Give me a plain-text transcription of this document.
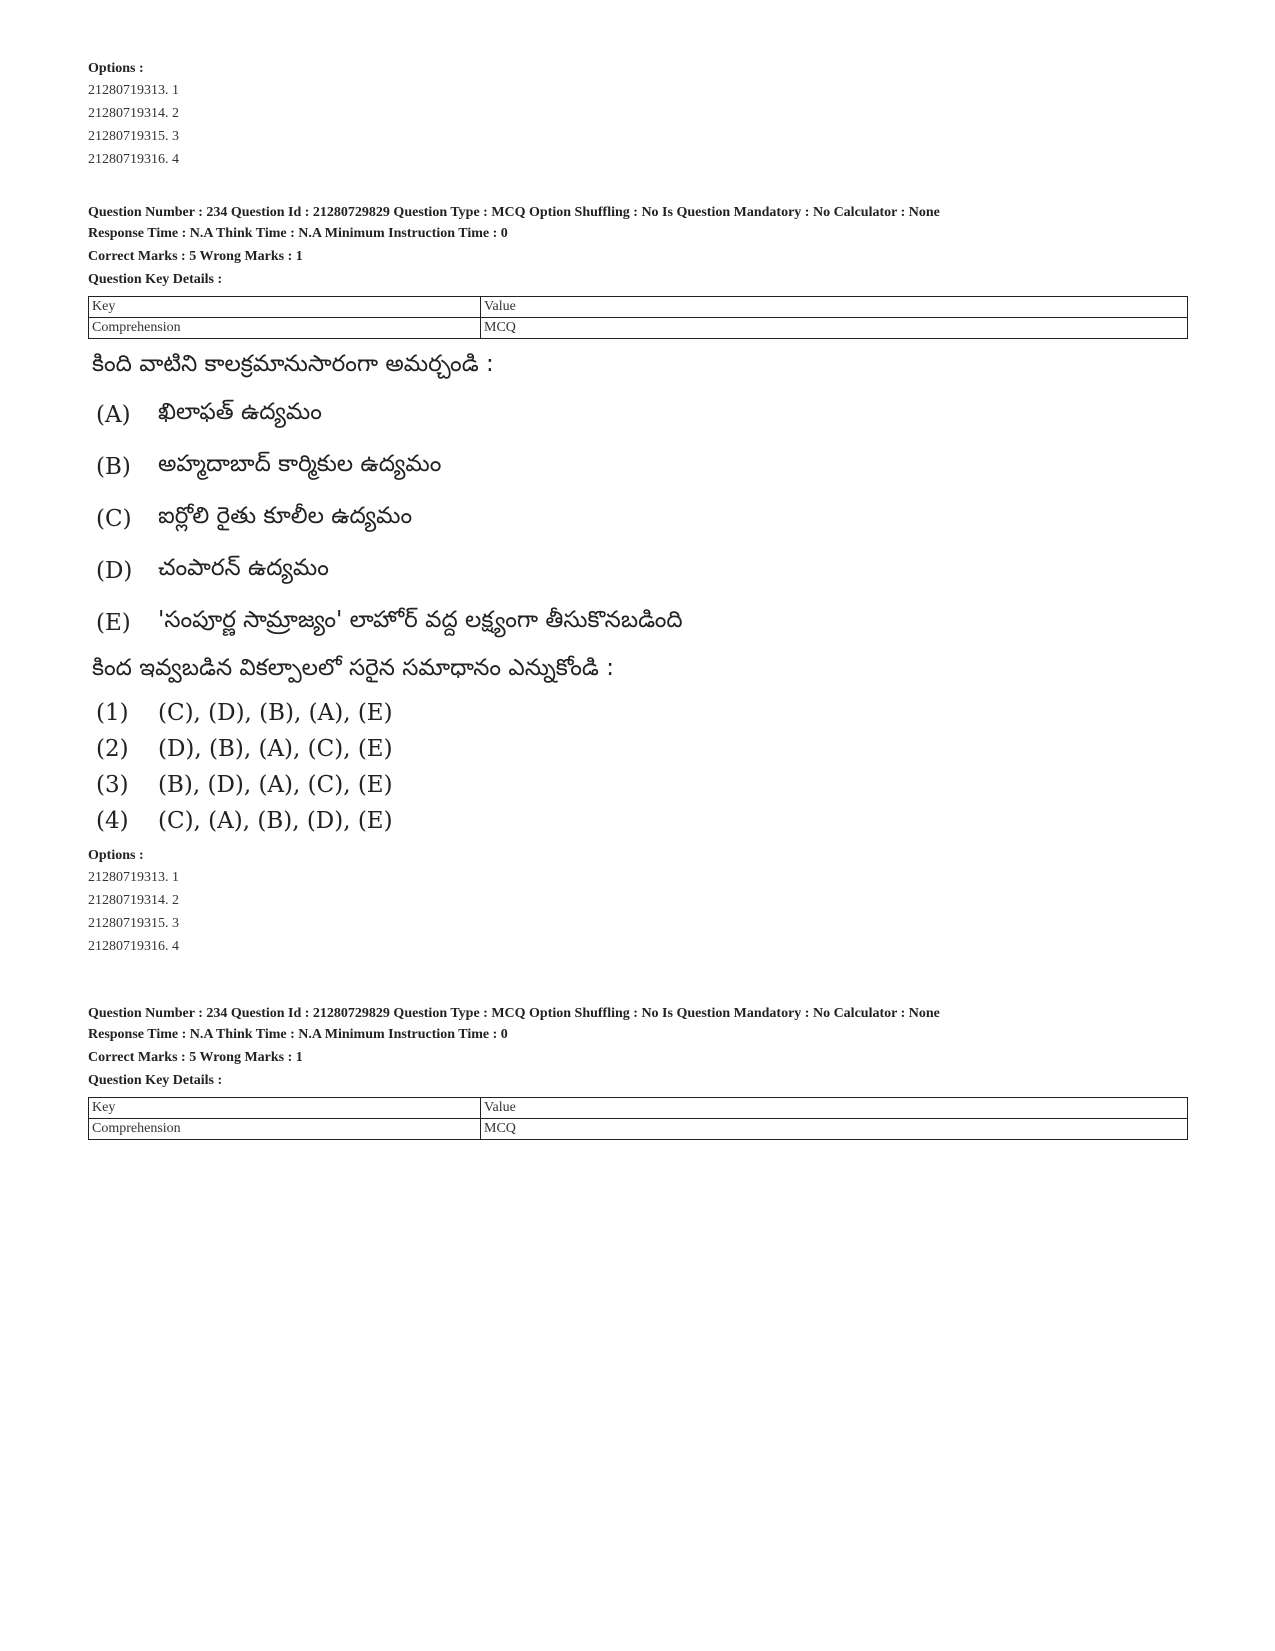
Options :
21280719313. 1
21280719314. 2
21280719315. 3
21280719316. 4
Question Number : 234 Question Id : 21280729829 Question Type : MCQ Option Shuffling : No Is Question Mandatory : No Calculator : None
Response Time : N.A Think Time : N.A Minimum Instruction Time : 0
Correct Marks : 5 Wrong Marks : 1
Question Key Details :
Key	Value
Comprehension	MCQ
కింది వాటిని కాలక్రమానుసారంగా అమర్చండి :
(A)	ఖిలాఫత్ ఉద్యమం
(B)	అహ్మదాబాద్ కార్మికుల ఉద్యమం
(C)	ఐర్లోలి రైతు కూలీల ఉద్యమం
(D)	చంపారన్ ఉద్యమం
(E)	'సంపూర్ణ సామ్రాజ్యం' లాహోర్ వద్ద లక్ష్యంగా తీసుకొనబడింది
కింద ఇవ్వబడిన వికల్పాలలో సరైన సమాధానం ఎన్నుకోండి :
(1)	(C), (D), (B), (A), (E)
(2)	(D), (B), (A), (C), (E)
(3)	(B), (D), (A), (C), (E)
(4)	(C), (A), (B), (D), (E)
Options :
21280719313. 1
21280719314. 2
21280719315. 3
21280719316. 4
Question Number : 234 Question Id : 21280729829 Question Type : MCQ Option Shuffling : No Is Question Mandatory : No Calculator : None
Response Time : N.A Think Time : N.A Minimum Instruction Time : 0
Correct Marks : 5 Wrong Marks : 1
Question Key Details :
Key	Value
Comprehension	MCQ
